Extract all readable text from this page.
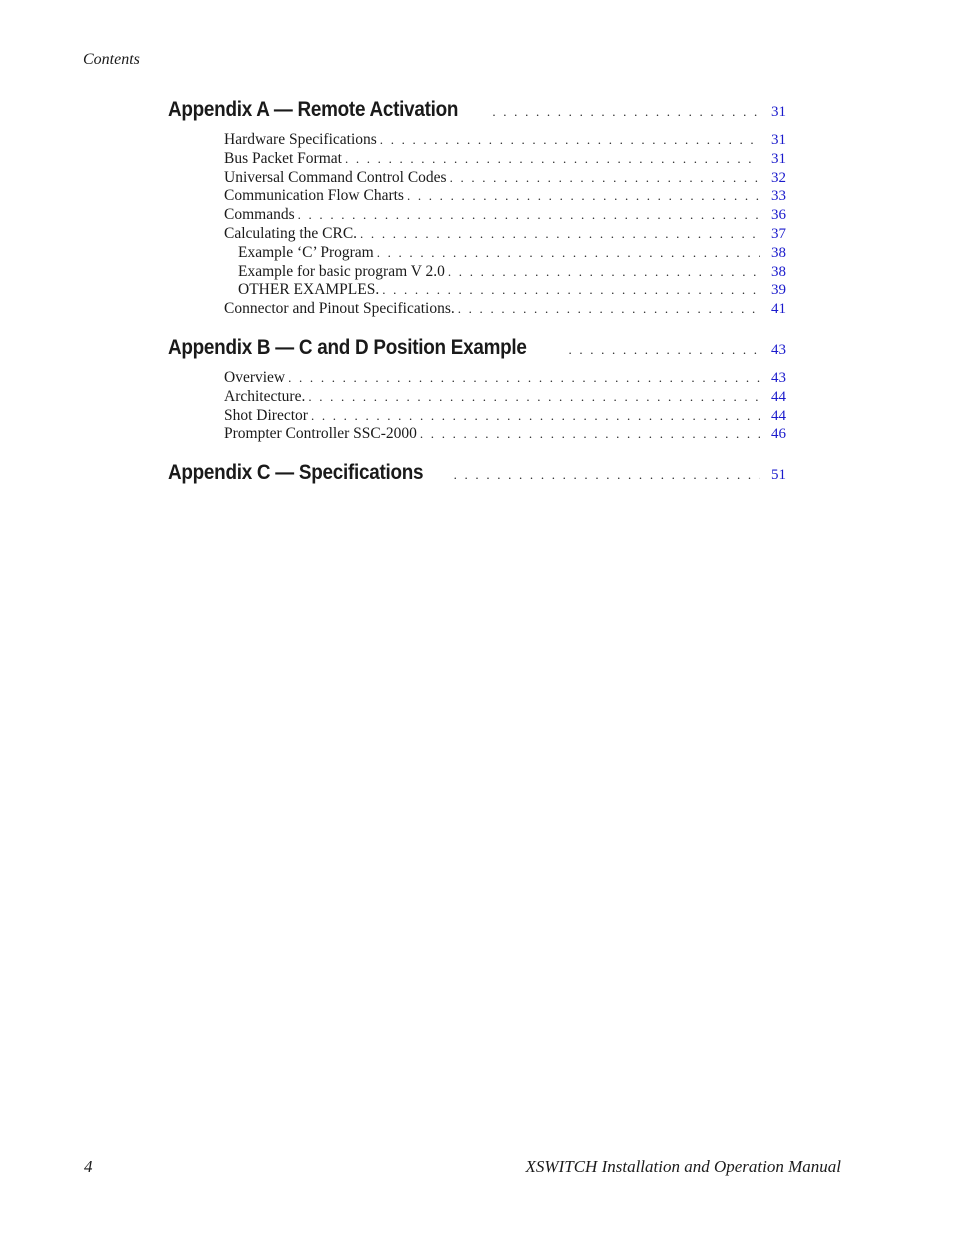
Contents
Appendix A — Remote Activation . . .	31
Hardware Specifications . . .	31
Bus Packet Format . . .	31
Universal Command Control Codes . . .	32
Communication Flow Charts . . .	33
Commands . . .	36
Calculating the CRC. . . .	37
Example ‘C’ Program . . .	38
Example for basic program V 2.0 . . .	38
OTHER EXAMPLES. . . .	39
Connector and Pinout Specifications. . . .	41
Appendix B — C and D Position Example . . .	43
Overview . . .	43
Architecture. . . .	44
Shot Director . . .	44
Prompter Controller SSC-2000 . . .	46
Appendix C — Specifications . . .	51
4	XSWITCH Installation and Operation Manual
